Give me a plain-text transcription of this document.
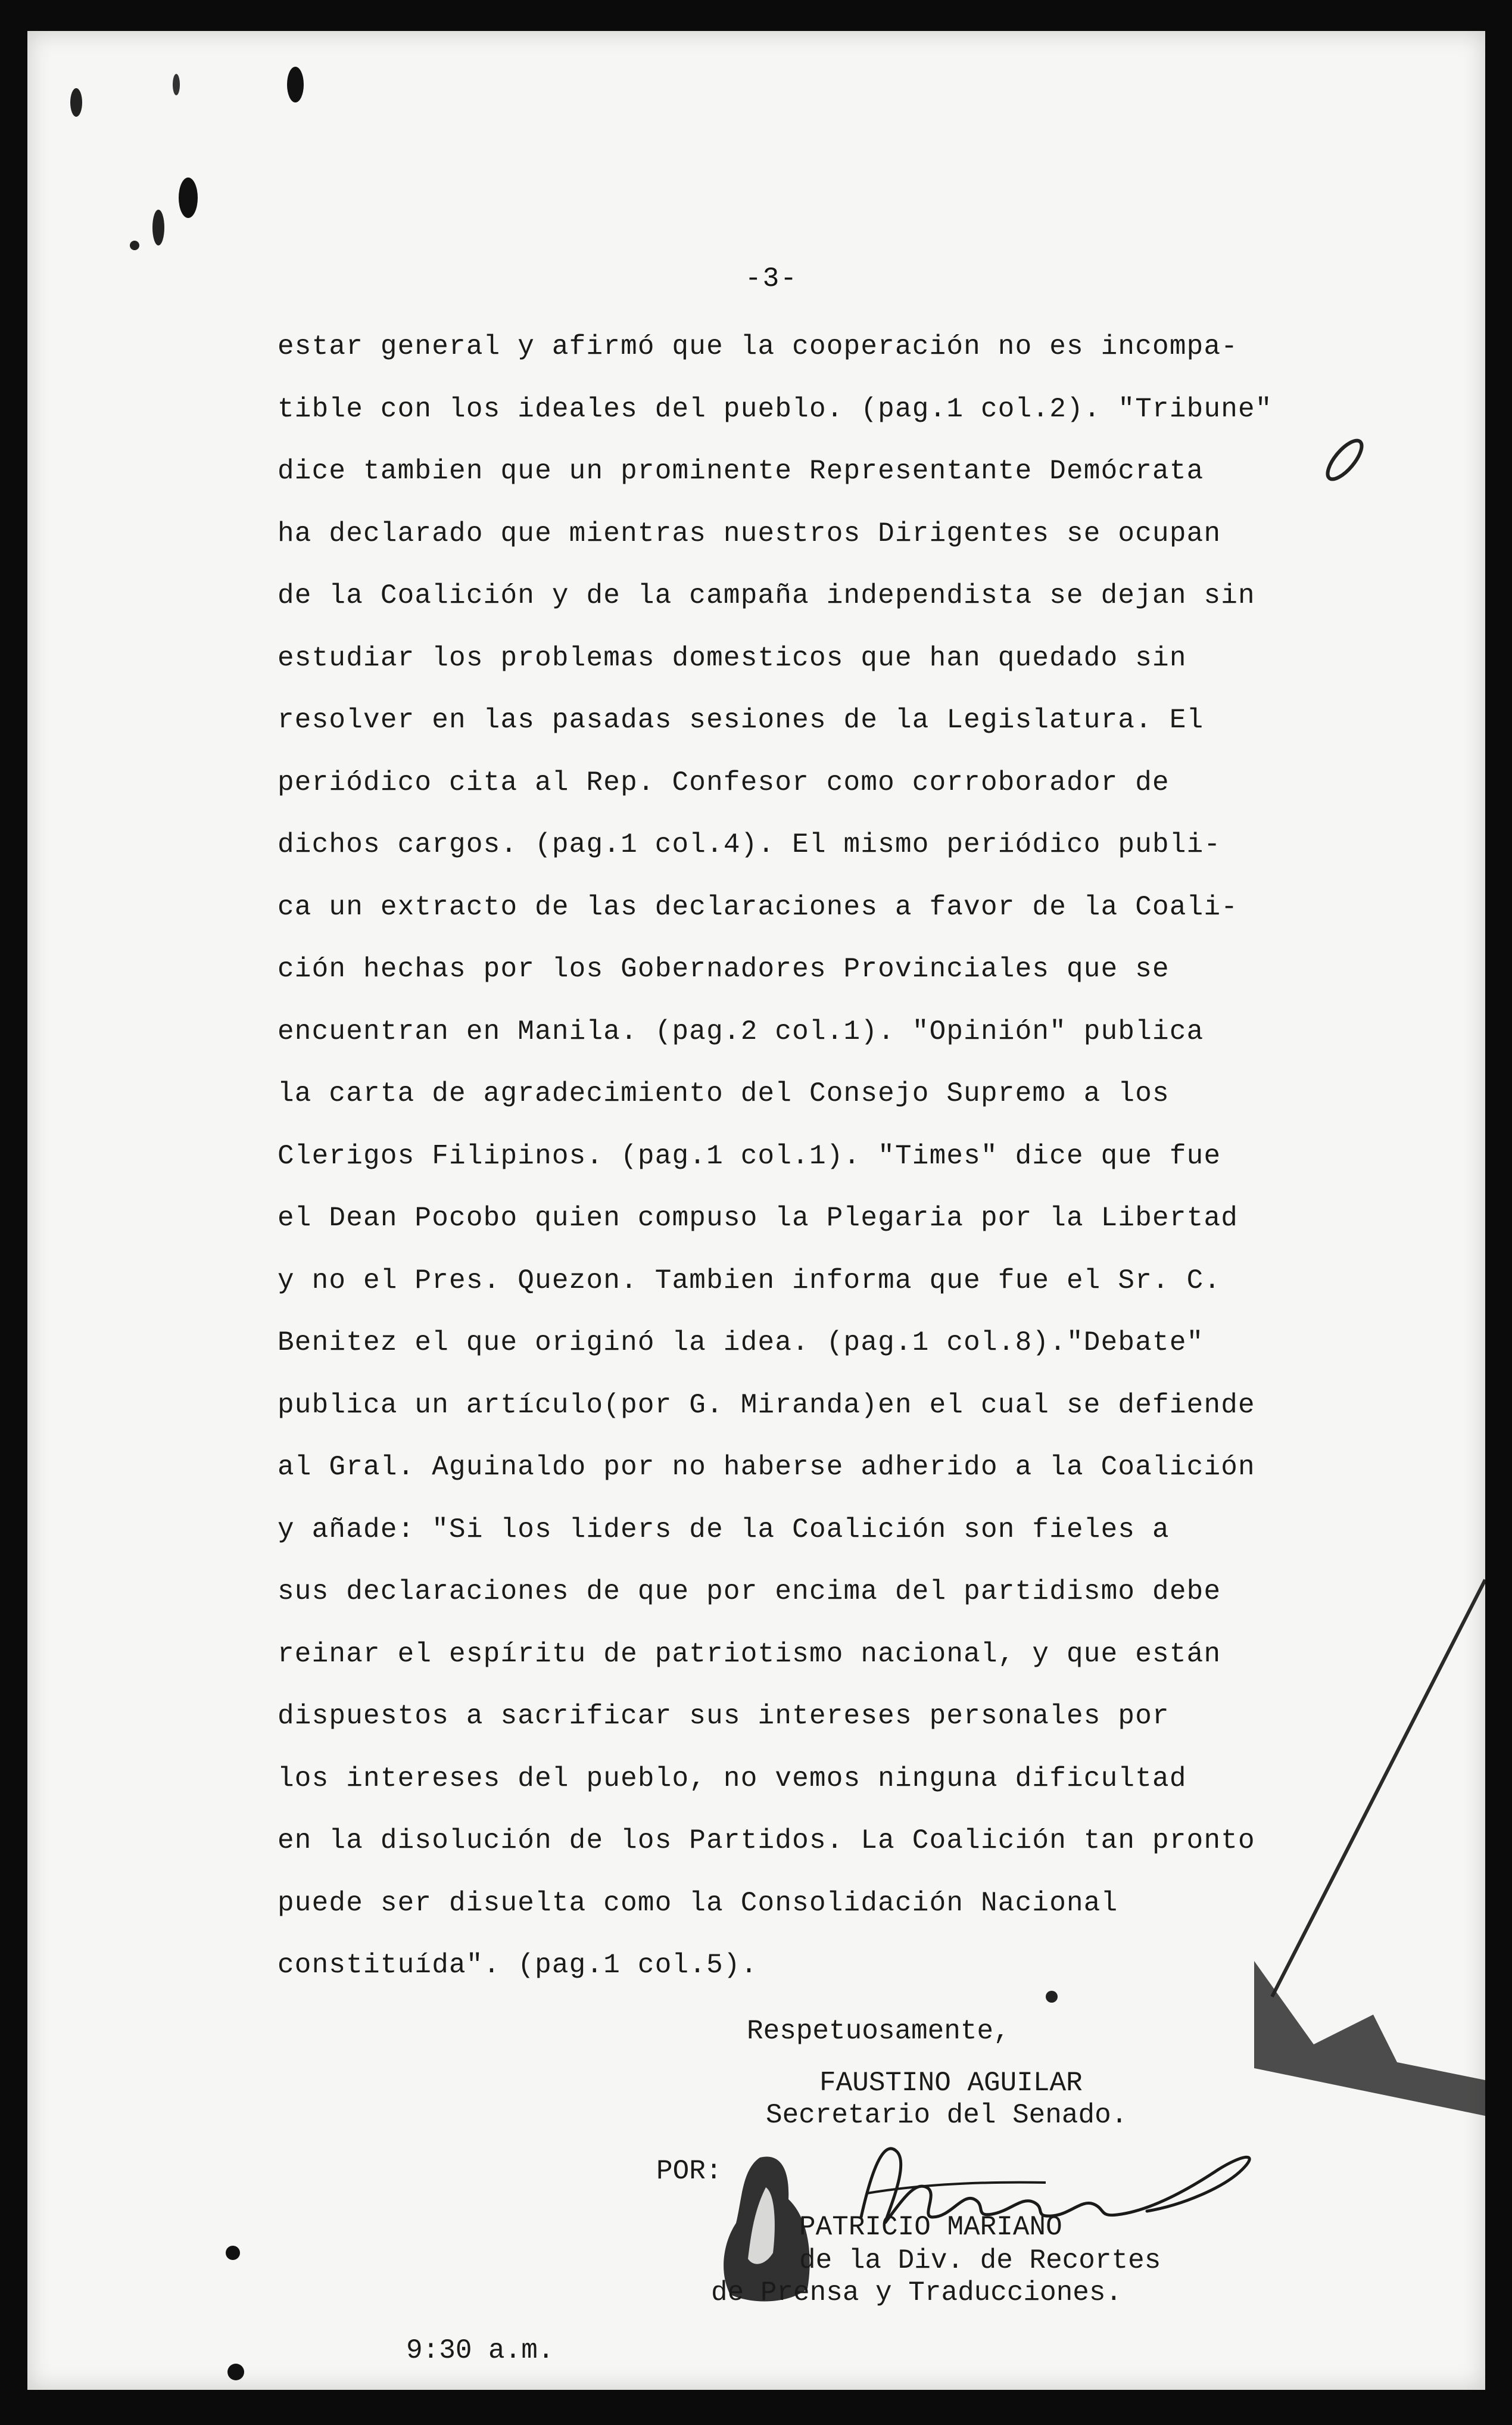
-3-
estar general y afirmó que la cooperación no es incompa-
tible con los ideales del pueblo. (pag.1 col.2). "Tribune"
dice tambien que un prominente Representante Demócrata
ha declarado que mientras nuestros Dirigentes se ocupan
de la Coalición y de la campaña independista se dejan sin
estudiar los problemas domesticos que han quedado sin
resolver en las pasadas sesiones de la Legislatura. El
periódico cita al Rep. Confesor como corroborador de
dichos cargos. (pag.1 col.4). El mismo periódico publi-
ca un extracto de las declaraciones a favor de la Coali-
ción hechas por los Gobernadores Provinciales que se
encuentran en Manila. (pag.2 col.1). "Opinión" publica
la carta de agradecimiento del Consejo Supremo a los
Clerigos Filipinos. (pag.1 col.1). "Times" dice que fue
el Dean Pocobo quien compuso la Plegaria por la Libertad
y no el Pres. Quezon. Tambien informa que fue el Sr. C.
Benitez el que originó la idea. (pag.1 col.8)."Debate"
publica un artículo(por G. Miranda)en el cual se defiende
al Gral. Aguinaldo por no haberse adherido a la Coalición
y añade: "Si los liders de la Coalición son fieles a
sus declaraciones de que por encima del partidismo debe
reinar el espíritu de patriotismo nacional, y que están
dispuestos a sacrificar sus intereses personales por
los intereses del pueblo, no vemos ninguna dificultad
en la disolución de los Partidos. La Coalición tan pronto
puede ser disuelta como la Consolidación Nacional
constituída". (pag.1 col.5).
Respetuosamente,
FAUSTINO AGUILAR
Secretario del Senado.
POR:
PATRICIO MARIANO
de la Div. de Recortes
de Prensa y Traducciones.
9:30 a.m.
